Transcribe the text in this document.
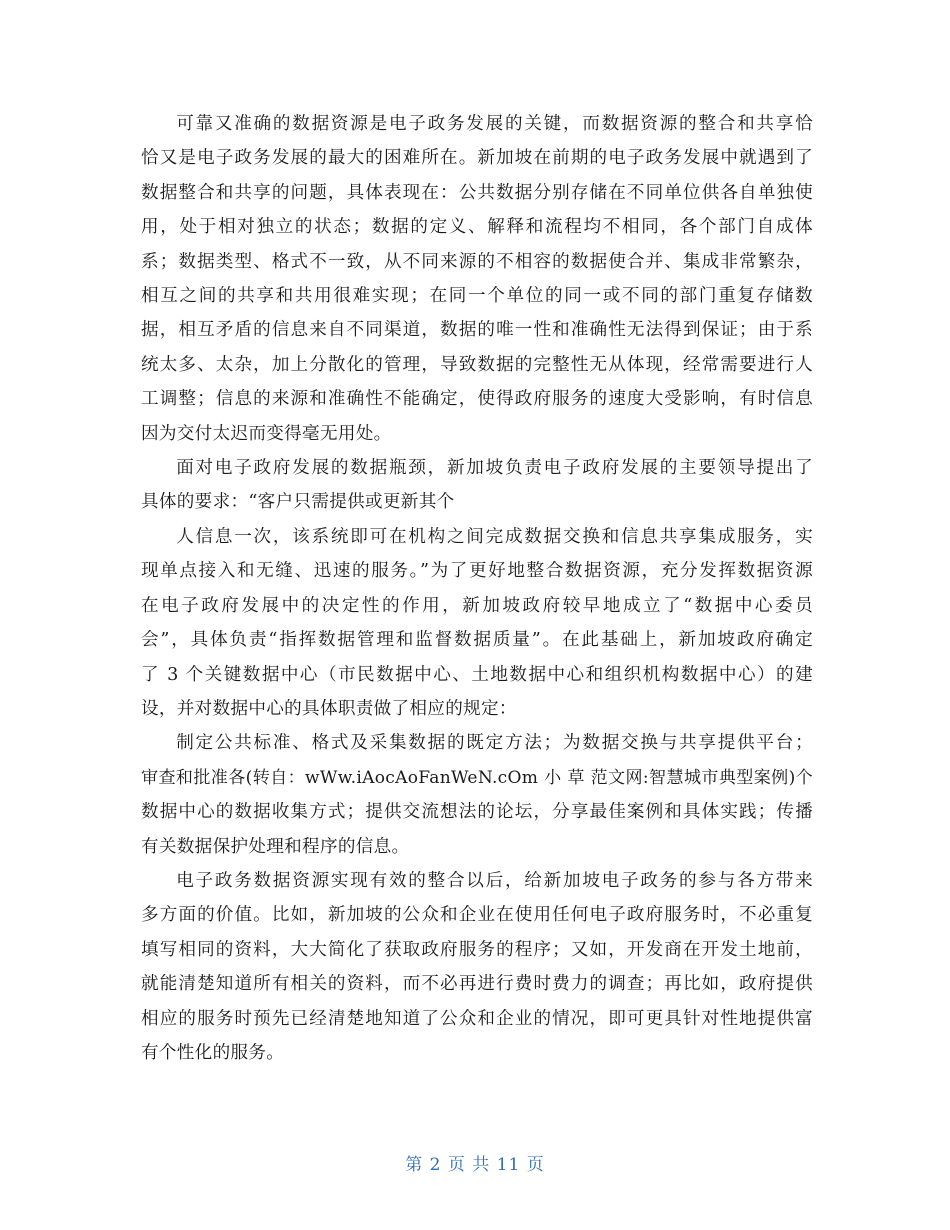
可靠又准确的数据资源是电子政务发展的关键，而数据资源的整合和共享恰
恰又是电子政务发展的最大的困难所在。新加坡在前期的电子政务发展中就遇到了
数据整合和共享的问题，具体表现在：公共数据分别存储在不同单位供各自单独使
用，处于相对独立的状态；数据的定义、解释和流程均不相同，各个部门自成体
系；数据类型、格式不一致，从不同来源的不相容的数据使合并、集成非常繁杂，
相互之间的共享和共用很难实现；在同一个单位的同一或不同的部门重复存储数
据，相互矛盾的信息来自不同渠道，数据的唯一性和准确性无法得到保证；由于系
统太多、太杂，加上分散化的管理，导致数据的完整性无从体现，经常需要进行人
工调整；信息的来源和准确性不能确定，使得政府服务的速度大受影响，有时信息
因为交付太迟而变得毫无用处。

面对电子政府发展的数据瓶颈，新加坡负责电子政府发展的主要领导提出了
具体的要求：“客户只需提供或更新其个

人信息一次，该系统即可在机构之间完成数据交换和信息共享集成服务，实
现单点接入和无缝、迅速的服务。”为了更好地整合数据资源，充分发挥数据资源
在电子政府发展中的决定性的作用，新加坡政府较早地成立了“数据中心委员
会”，具体负责“指挥数据管理和监督数据质量”。在此基础上，新加坡政府确定
了 3 个关键数据中心（市民数据中心、土地数据中心和组织机构数据中心）的建
设，并对数据中心的具体职责做了相应的规定：

制定公共标准、格式及采集数据的既定方法；为数据交换与共享提供平台；
审查和批准各(转自：wWw.iAocAoFanWeN.cOm 小 草 范文网:智慧城市典型案例)个
数据中心的数据收集方式；提供交流想法的论坛，分享最佳案例和具体实践；传播
有关数据保护处理和程序的信息。

电子政务数据资源实现有效的整合以后，给新加坡电子政务的参与各方带来
多方面的价值。比如，新加坡的公众和企业在使用任何电子政府服务时，不必重复
填写相同的资料，大大简化了获取政府服务的程序；又如，开发商在开发土地前，
就能清楚知道所有相关的资料，而不必再进行费时费力的调查；再比如，政府提供
相应的服务时预先已经清楚地知道了公众和企业的情况，即可更具针对性地提供富
有个性化的服务。

第 2 页 共 11 页
